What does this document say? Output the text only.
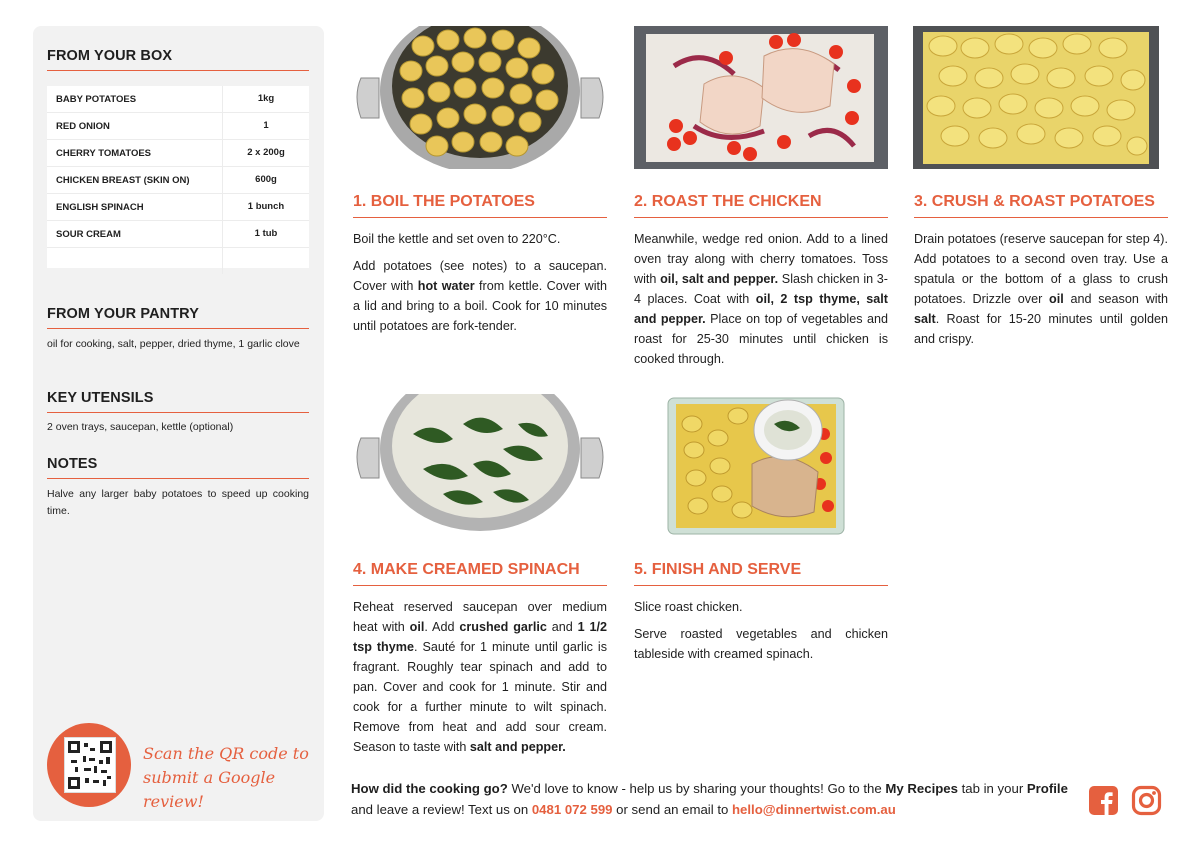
FROM YOUR BOX
BABY POTATOES	1kg
RED ONION	1
CHERRY TOMATOES	2 x 200g
CHICKEN BREAST (SKIN ON)	600g
ENGLISH SPINACH	1 bunch
SOUR CREAM	1 tub
FROM YOUR PANTRY
oil for cooking, salt, pepper, dried thyme, 1 garlic clove
KEY UTENSILS
2 oven trays, saucepan, kettle (optional)
NOTES
Halve any larger baby potatoes to speed up cooking time.
Scan the QR code to
submit a Google review!
1. BOIL THE POTATOES

Boil the kettle and set oven to 220°C.

Add potatoes (see notes) to a saucepan. Cover with hot water from kettle. Cover with a lid and bring to a boil. Cook for 10 minutes until potatoes are fork-tender.

2. ROAST THE CHICKEN

Meanwhile, wedge red onion. Add to a lined oven tray along with cherry tomatoes. Toss with oil, salt and pepper. Slash chicken in 3-4 places. Coat with oil, 2 tsp thyme, salt and pepper. Place on top of vegetables and roast for 25-30 minutes until chicken is cooked through.

3. CRUSH & ROAST POTATOES

Drain potatoes (reserve saucepan for step 4). Add potatoes to a second oven tray. Use a spatula or the bottom of a glass to crush potatoes. Drizzle over oil and season with salt. Roast for 15-20 minutes until golden and crispy.

4. MAKE CREAMED SPINACH

Reheat reserved saucepan over medium heat with oil. Add crushed garlic and 1 1/2 tsp thyme. Sauté for 1 minute until garlic is fragrant. Roughly tear spinach and add to pan. Cover and cook for 1 minute. Stir and cook for a further minute to wilt spinach. Remove from heat and add sour cream. Season to taste with salt and pepper.

5. FINISH AND SERVE

Slice roast chicken.

Serve roasted vegetables and chicken tableside with creamed spinach.

How did the cooking go? We'd love to know - help us by sharing your thoughts! Go to the My Recipes tab in your Profile and leave a review! Text us on 0481 072 599 or send an email to hello@dinnertwist.com.au
